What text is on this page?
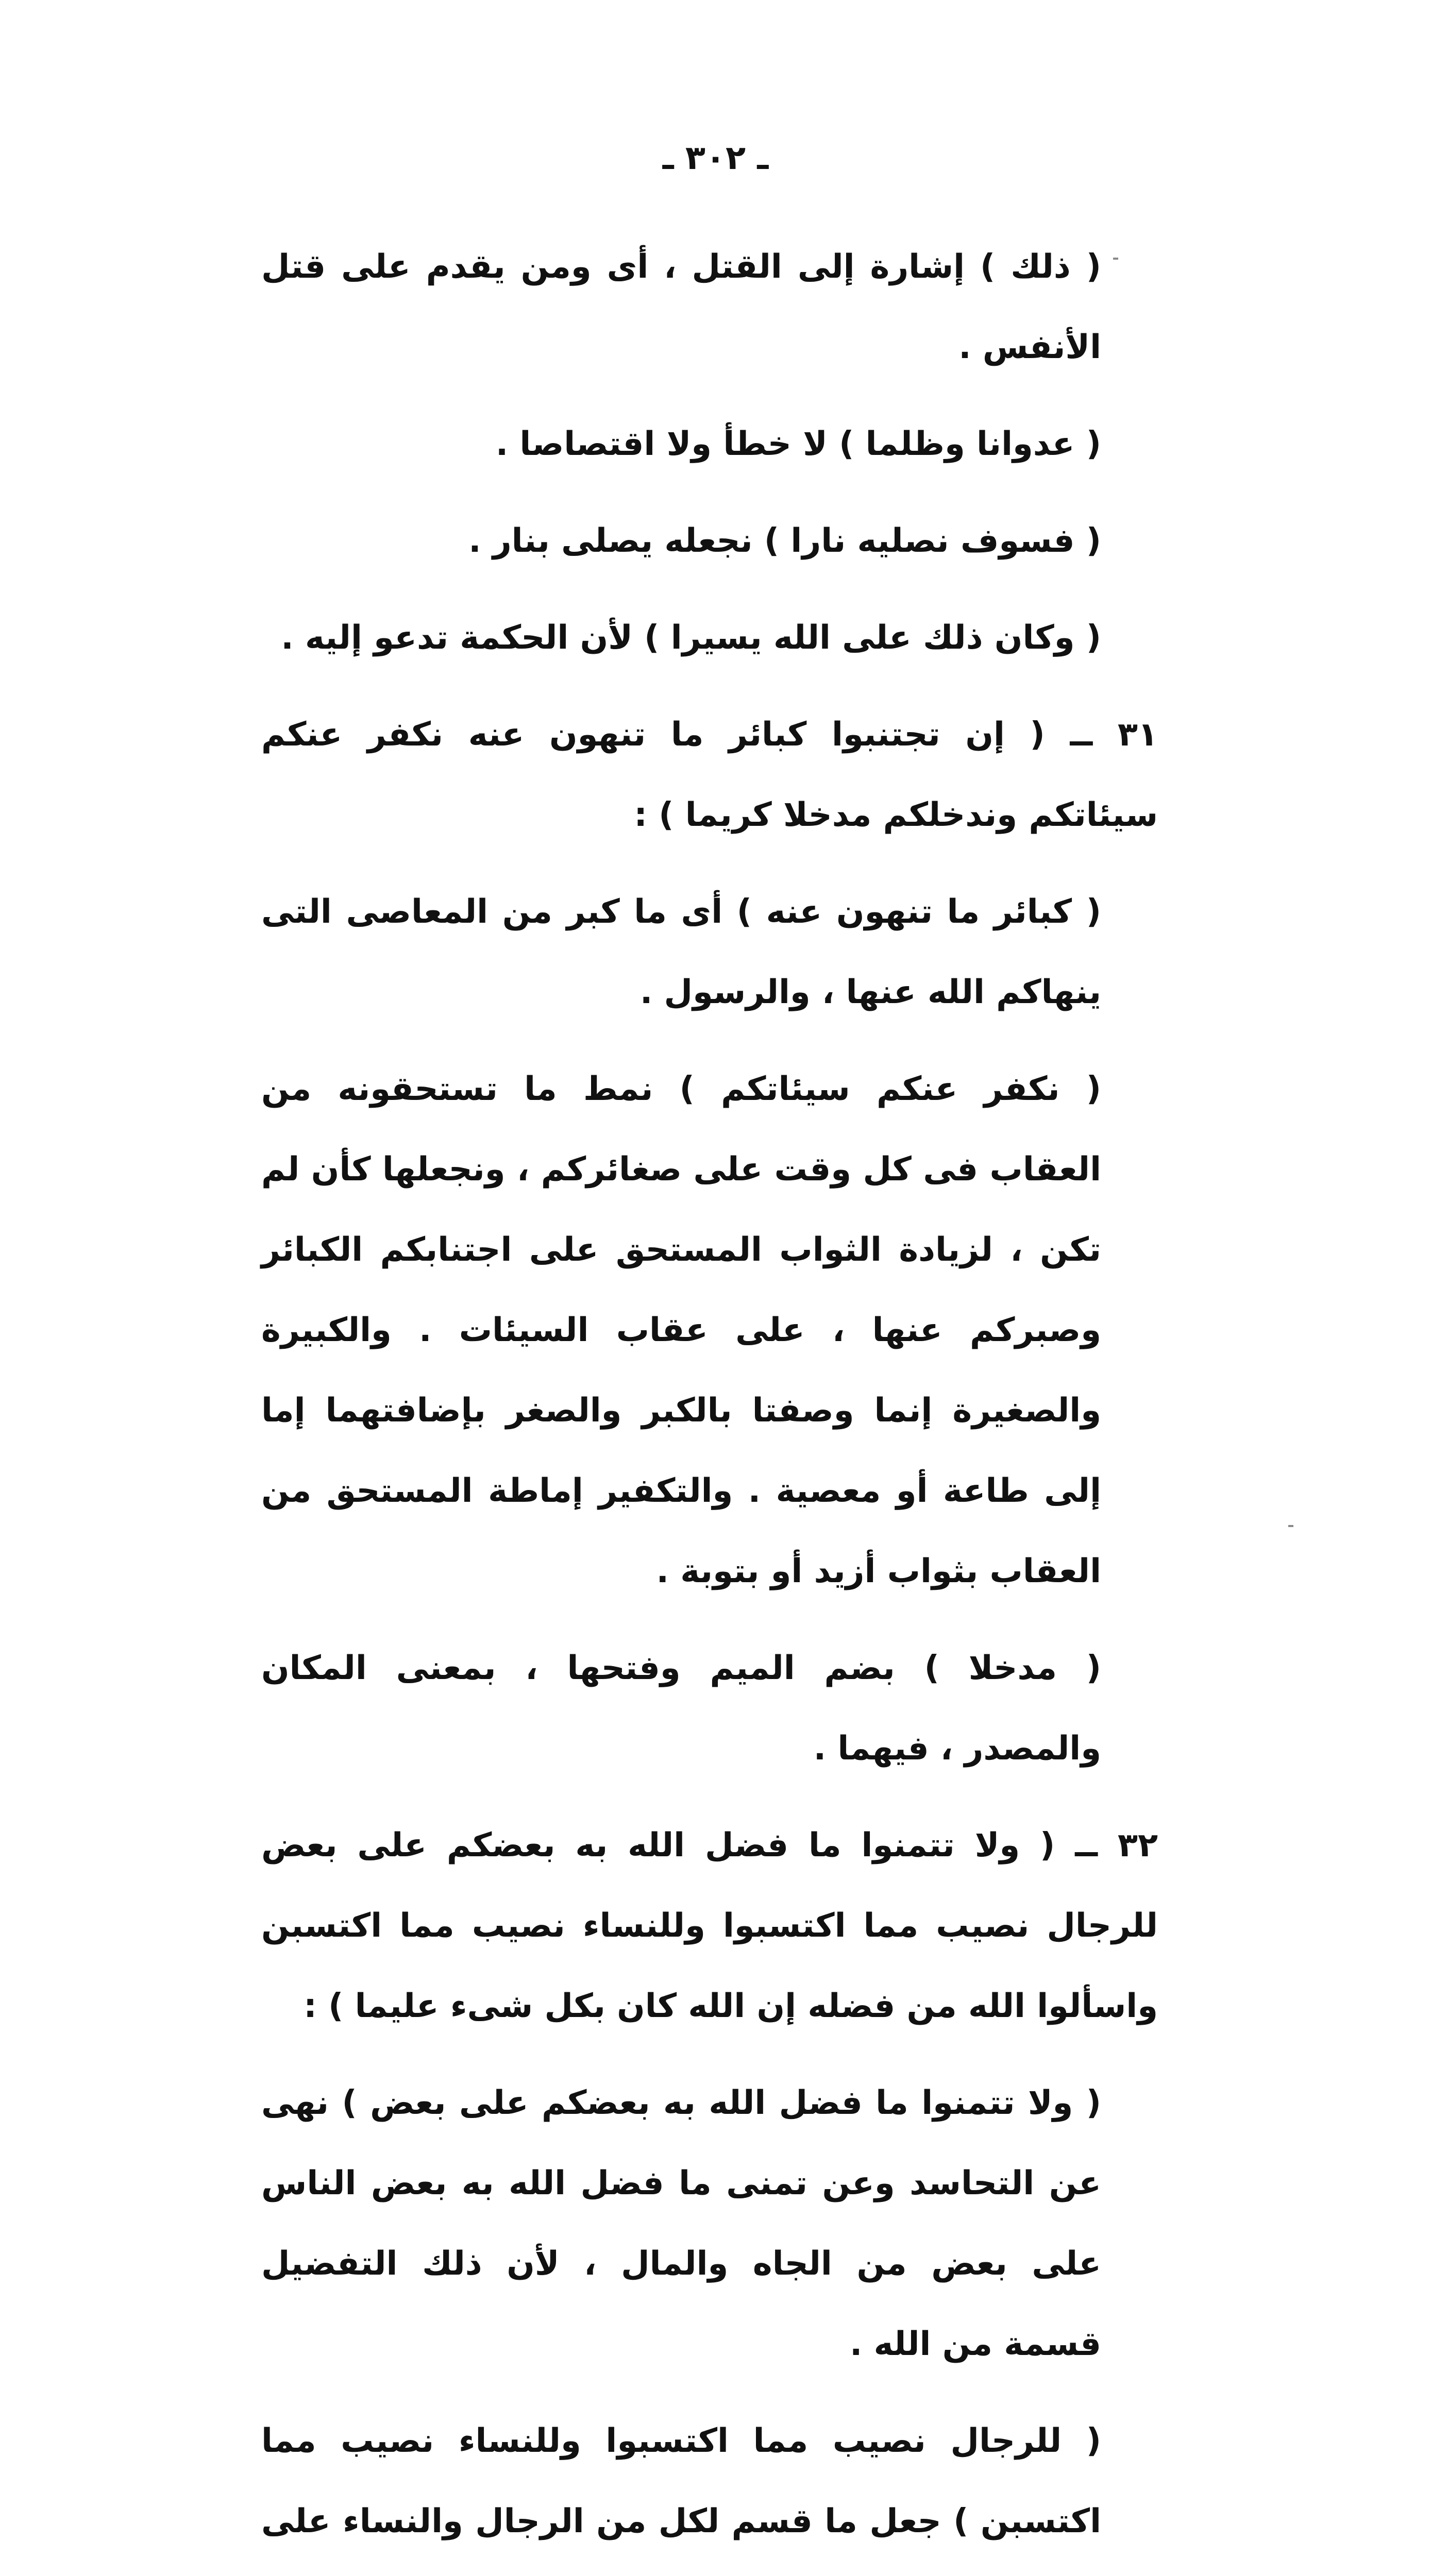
ـ ٣٠٢ ـ

( ذلك ) إشارة إلى القتل ، أى ومن يقدم على قتل الأنفس .

( عدوانا وظلما ) لا خطأ ولا اقتصاصا .

( فسوف نصليه نارا ) نجعله يصلى بنار .

( وكان ذلك على الله يسيرا ) لأن الحكمة تدعو إليه .

٣١ ــ ( إن تجتنبوا كبائر ما تنهون عنه نكفر عنكم سيئاتكم وندخلكم مدخلا كريما ) :

( كبائر ما تنهون عنه ) أى ما كبر من المعاصى التى ينهاكم الله عنها ، والرسول .

( نكفر عنكم سيئاتكم ) نمط ما تستحقونه من العقاب فى كل وقت على صغائركم ، ونجعلها كأن لم تكن ، لزيادة الثواب المستحق على اجتنابكم الكبائر وصبركم عنها ، على عقاب السيئات . والكبيرة والصغيرة إنما وصفتا بالكبر والصغر بإضافتهما إما إلى طاعة أو معصية . والتكفير إماطة المستحق من العقاب بثواب أزيد أو بتوبة .

( مدخلا ) بضم الميم وفتحها ، بمعنى المكان والمصدر ، فيهما .

٣٢ ــ ( ولا تتمنوا ما فضل الله به بعضكم على بعض للرجال نصيب مما اكتسبوا وللنساء نصيب مما اكتسبن واسألوا الله من فضله إن الله كان بكل شىء عليما ) :

( ولا تتمنوا ما فضل الله به بعضكم على بعض ) نهى عن التحاسد وعن تمنى ما فضل الله به بعض الناس على بعض من الجاه والمال ، لأن ذلك التفضيل قسمة من الله .

( للرجال نصيب مما اكتسبوا وللنساء نصيب مما اكتسبن ) جعل ما قسم لكل من الرجال والنساء على
